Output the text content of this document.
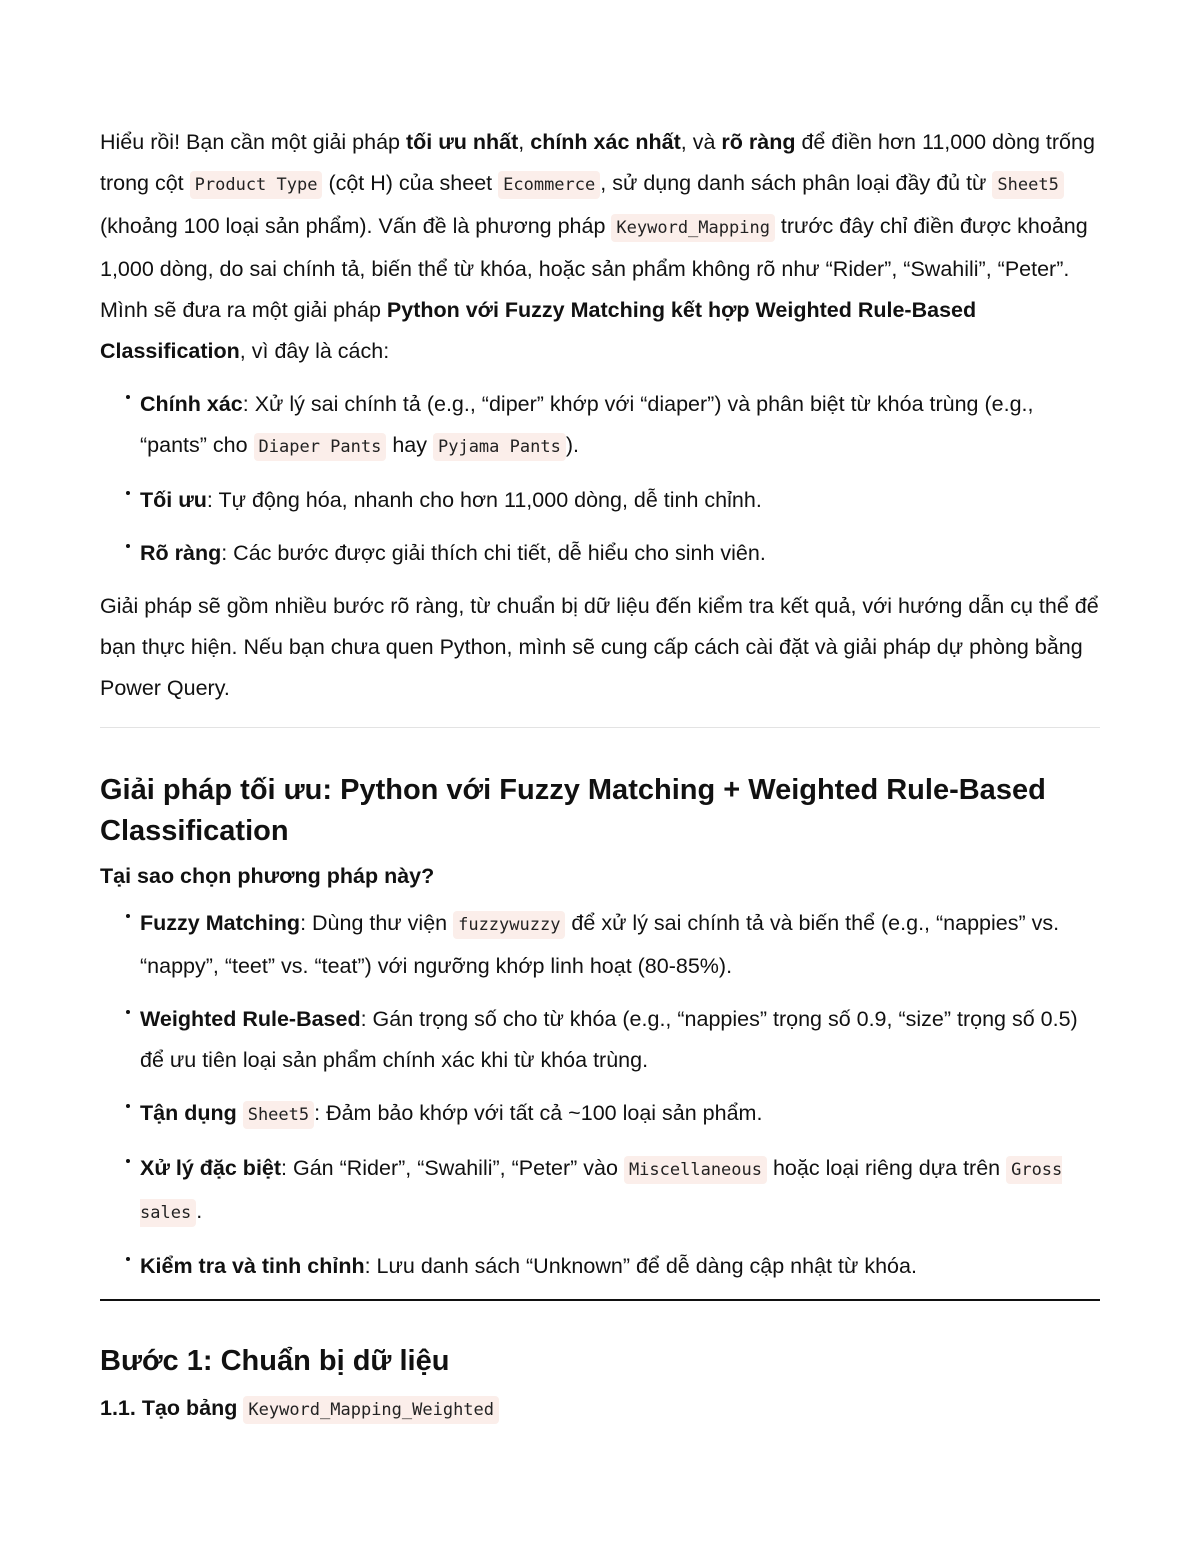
Hiểu rồi! Bạn cần một giải pháp tối ưu nhất, chính xác nhất, và rõ ràng để điền hơn 11,000 dòng trống trong cột Product Type (cột H) của sheet Ecommerce , sử dụng danh sách phân loại đầy đủ từ Sheet5 (khoảng 100 loại sản phẩm). Vấn đề là phương pháp Keyword_Mapping trước đây chỉ điền được khoảng 1,000 dòng, do sai chính tả, biến thể từ khóa, hoặc sản phẩm không rõ như “Rider”, “Swahili”, “Peter”. Mình sẽ đưa ra một giải pháp Python với Fuzzy Matching kết hợp Weighted Rule-Based Classification, vì đây là cách:

Chính xác: Xử lý sai chính tả (e.g., “diper” khớp với “diaper”) và phân biệt từ khóa trùng (e.g., “pants” cho Diaper Pants hay Pyjama Pants ).
Tối ưu: Tự động hóa, nhanh cho hơn 11,000 dòng, dễ tinh chỉnh.
Rõ ràng: Các bước được giải thích chi tiết, dễ hiểu cho sinh viên.

Giải pháp sẽ gồm nhiều bước rõ ràng, từ chuẩn bị dữ liệu đến kiểm tra kết quả, với hướng dẫn cụ thể để bạn thực hiện. Nếu bạn chưa quen Python, mình sẽ cung cấp cách cài đặt và giải pháp dự phòng bằng Power Query.

Giải pháp tối ưu: Python với Fuzzy Matching + Weighted Rule-Based Classification
Tại sao chọn phương pháp này?
Fuzzy Matching: Dùng thư viện fuzzywuzzy để xử lý sai chính tả và biến thể (e.g., “nappies” vs. “nappy”, “teet” vs. “teat”) với ngưỡng khớp linh hoạt (80-85%).
Weighted Rule-Based: Gán trọng số cho từ khóa (e.g., “nappies” trọng số 0.9, “size” trọng số 0.5) để ưu tiên loại sản phẩm chính xác khi từ khóa trùng.
Tận dụng Sheet5 : Đảm bảo khớp với tất cả ~100 loại sản phẩm.
Xử lý đặc biệt: Gán “Rider”, “Swahili”, “Peter” vào Miscellaneous hoặc loại riêng dựa trên Gross sales .
Kiểm tra và tinh chỉnh: Lưu danh sách “Unknown” để dễ dàng cập nhật từ khóa.
Bước 1: Chuẩn bị dữ liệu

1.1. Tạo bảng Keyword_Mapping_Weighted
